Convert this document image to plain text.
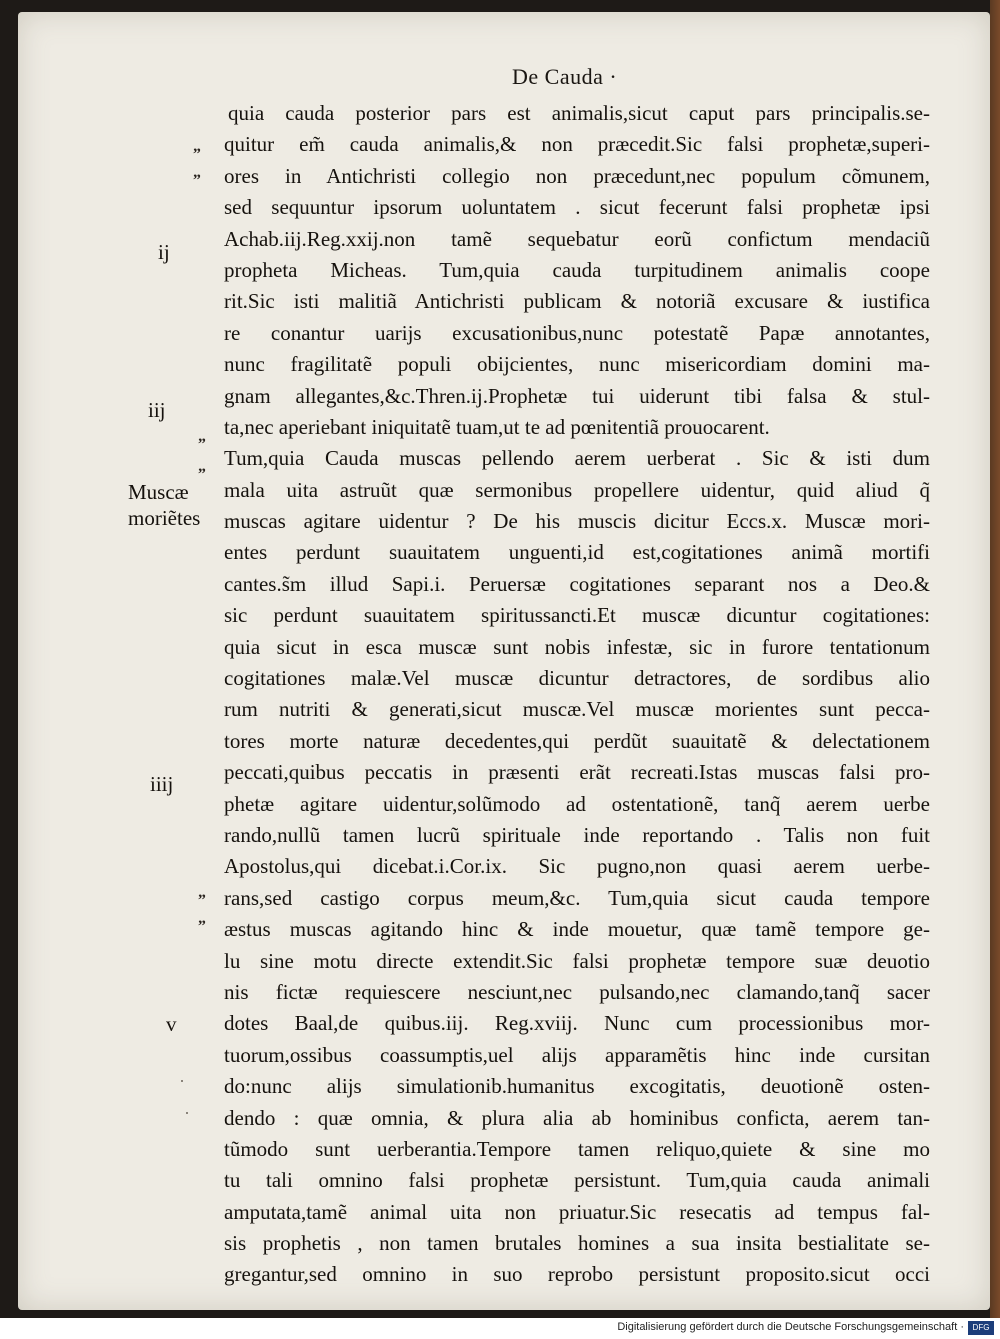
De Cauda ·
quia cauda posterior pars est animalis,sicut caput pars principalis.se-
quitur em̃ cauda animalis,& non præcedit.Sic falsi prophetæ,superi-
ores in Antichristi collegio non præcedunt,nec populum cõmunem,
sed sequuntur ipsorum uoluntatem . sicut fecerunt falsi prophetæ ipsi
Achab.iij.Reg.xxij.non tamẽ sequebatur eorũ confictum mendaciũ
propheta Micheas. Tum,quia cauda turpitudinem animalis coope
rit.Sic isti malitiã Antichristi publicam & notoriã excusare & iustifica
re conantur uarijs excusationibus,nunc potestatẽ Papæ annotantes,
nunc fragilitatẽ populi obijcientes, nunc misericordiam domini ma-
gnam allegantes,&c.Thren.ij.Prophetæ tui uiderunt tibi falsa & stul-
ta,nec aperiebant iniquitatẽ tuam,ut te ad pœnitentiã prouocarent.
Tum,quia Cauda muscas pellendo aerem uerberat . Sic & isti dum
mala uita astruũt quæ sermonibus propellere uidentur, quid aliud q̃
muscas agitare uidentur ? De his muscis dicitur Eccs.x. Muscæ mori-
entes perdunt suauitatem unguenti,id est,cogitationes animã mortifi
cantes.s̃m illud Sapi.i. Peruersæ cogitationes separant nos a Deo.&
sic perdunt suauitatem spiritussancti.Et muscæ dicuntur cogitationes:
quia sicut in esca muscæ sunt nobis infestæ, sic in furore tentationum
cogitationes malæ.Vel muscæ dicuntur detractores, de sordibus alio
rum nutriti & generati,sicut muscæ.Vel muscæ morientes sunt pecca-
tores morte naturæ decedentes,qui perdũt suauitatẽ & delectationem
peccati,quibus peccatis in præsenti erãt recreati.Istas muscas falsi pro-
phetæ agitare uidentur,solũmodo ad ostentationẽ, tanq̃ aerem uerbe
rando,nullũ tamen lucrũ spirituale inde reportando . Talis non fuit
Apostolus,qui dicebat.i.Cor.ix. Sic pugno,non quasi aerem uerbe-
rans,sed castigo corpus meum,&c. Tum,quia sicut cauda tempore
æstus muscas agitando hinc & inde mouetur, quæ tamẽ tempore ge-
lu sine motu directe extendit.Sic falsi prophetæ tempore suæ deuotio
nis fictæ requiescere nesciunt,nec pulsando,nec clamando,tanq̃ sacer
dotes Baal,de quibus.iij. Reg.xviij. Nunc cum processionibus mor-
tuorum,ossibus coassumptis,uel alijs apparamẽtis hinc inde cursitan
do:nunc alijs simulationib.humanitus excogitatis, deuotionẽ osten-
dendo : quæ omnia, & plura alia ab hominibus conficta, aerem tan-
tũmodo sunt uerberantia.Tempore tamen reliquo,quiete & sine mo
tu tali omnino falsi prophetæ persistunt. Tum,quia cauda animali
amputata,tamẽ animal uita non priuatur.Sic resecatis ad tempus fal-
sis prophetis , non tamen brutales homines a sua insita bestialitate se-
gregantur,sed omnino in suo reprobo persistunt proposito.sicut occi
ij
iij
Muscæ
moriẽtes
iiij
v
„
„
„
„
„
„
Digitalisierung gefördert durch die Deutsche Forschungsgemeinschaft ·	DFG
